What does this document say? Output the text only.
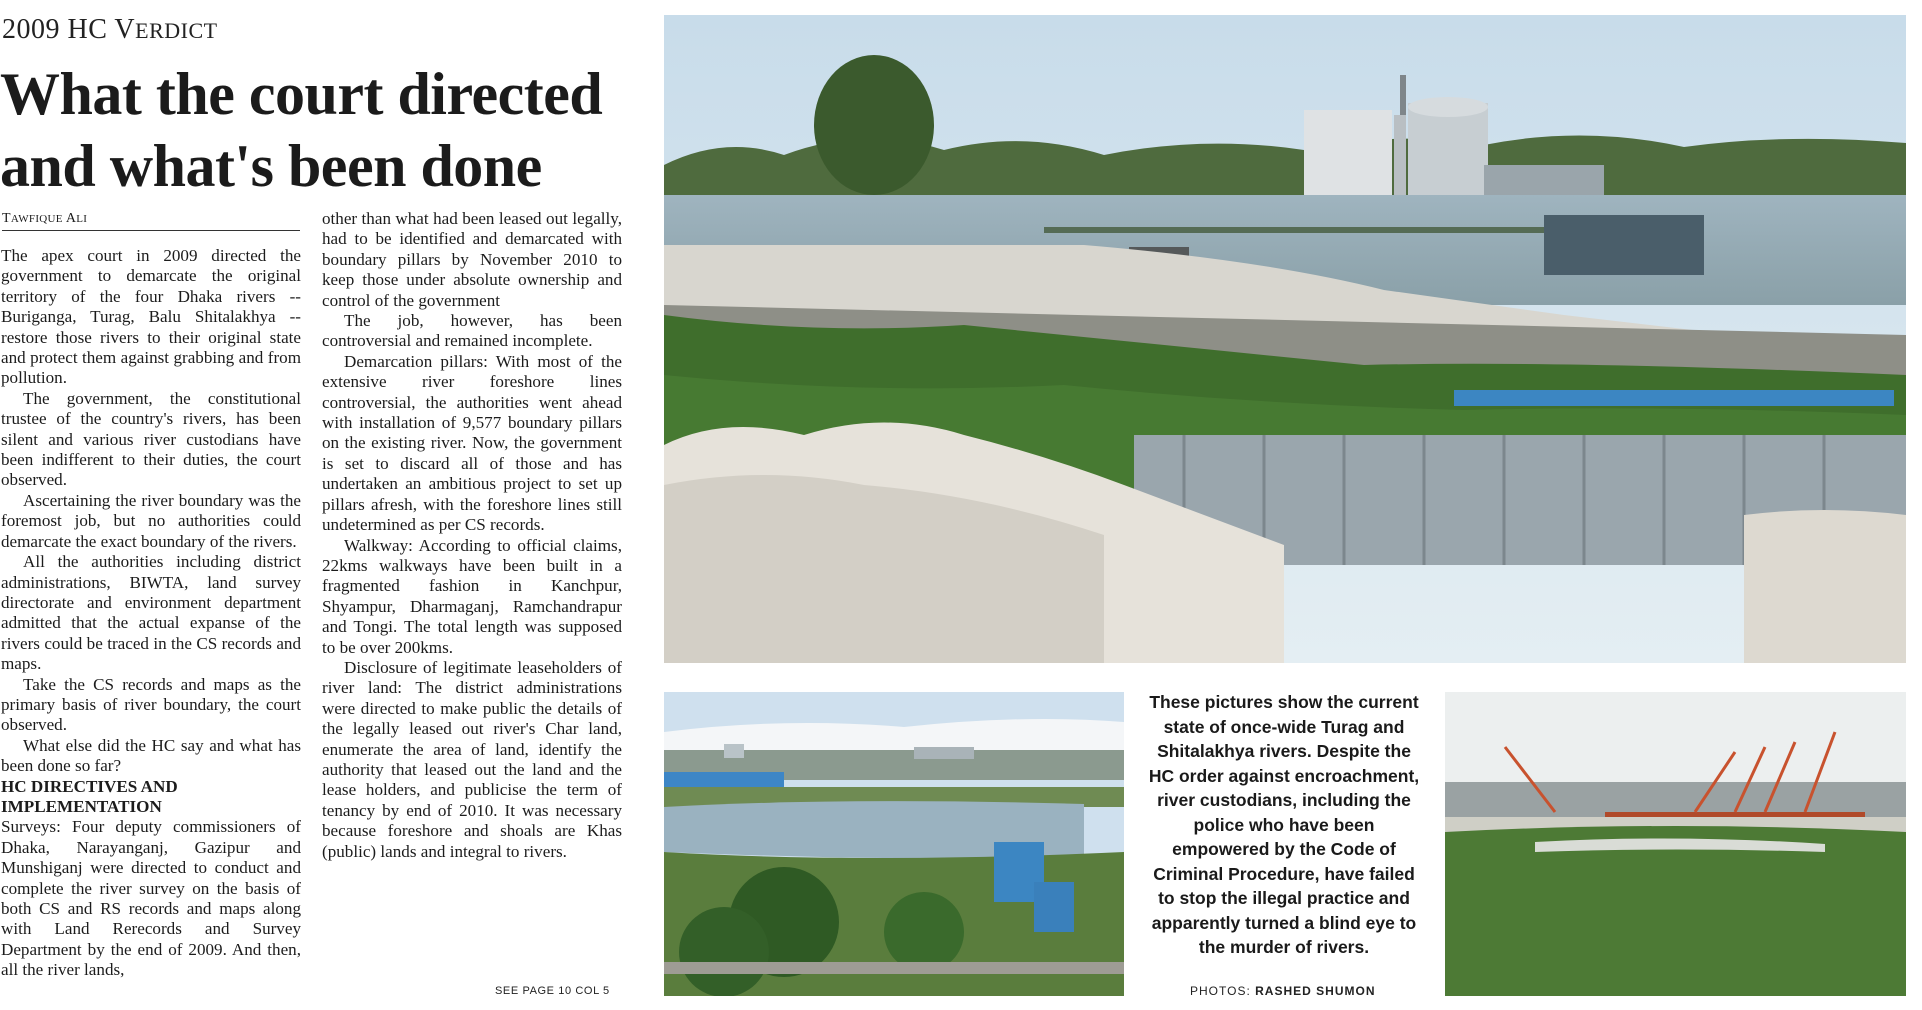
2009 HC VERDICT
What the court directed
and what's been done
TAWFIQUE ALI

The apex court in 2009 directed the government to demarcate the original territory of the four Dhaka rivers -- Buriganga, Turag, Balu Shitalakhya -- restore those rivers to their original state and protect them against grabbing and from pollution.

The government, the constitutional trustee of the country's rivers, has been silent and various river custodians have been indifferent to their duties, the court observed.

Ascertaining the river boundary was the foremost job, but no authorities could demarcate the exact boundary of the rivers.

All the authorities including district administrations, BIWTA, land survey directorate and environment department admitted that the actual expanse of the rivers could be traced in the CS records and maps.

Take the CS records and maps as the primary basis of river boundary, the court observed.

What else did the HC say and what has been done so far?

HC DIRECTIVES AND IMPLEMENTATION

Surveys: Four deputy commissioners of Dhaka, Narayanganj, Gazipur and Munshiganj were directed to conduct and complete the river survey on the basis of both CS and RS records and maps along with Land Rerecords and Survey Department by the end of 2009. And then, all the river lands,

other than what had been leased out legally, had to be identified and demarcated with boundary pillars by November 2010 to keep those under absolute ownership and control of the government

The job, however, has been controversial and remained incomplete.

Demarcation pillars: With most of the extensive river foreshore lines controversial, the authorities went ahead with installation of 9,577 boundary pillars on the existing river. Now, the government is set to discard all of those and has undertaken an ambitious project to set up pillars afresh, with the foreshore lines still undetermined as per CS records.

Walkway: According to official claims, 22kms walkways have been built in a fragmented fashion in Kanchpur, Shyampur, Dharmaganj, Ramchandrapur and Tongi. The total length was supposed to be over 200kms.

Disclosure of legitimate leaseholders of river land: The district administrations were directed to make public the details of the legally leased out river's Char land, enumerate the area of land, identify the authority that leased out the land and the lease holders, and publicise the term of tenancy by end of 2010. It was necessary because foreshore and shoals are Khas (public) lands and integral to rivers.

SEE PAGE 10 COL 5

These pictures show the current state of once-wide Turag and Shitalakhya rivers. Despite the HC order against encroachment, river custodians, including the police who have been empowered by the Code of Criminal Procedure, have failed to stop the illegal practice and apparently turned a blind eye to the murder of rivers.

PHOTOS: RASHED SHUMON
